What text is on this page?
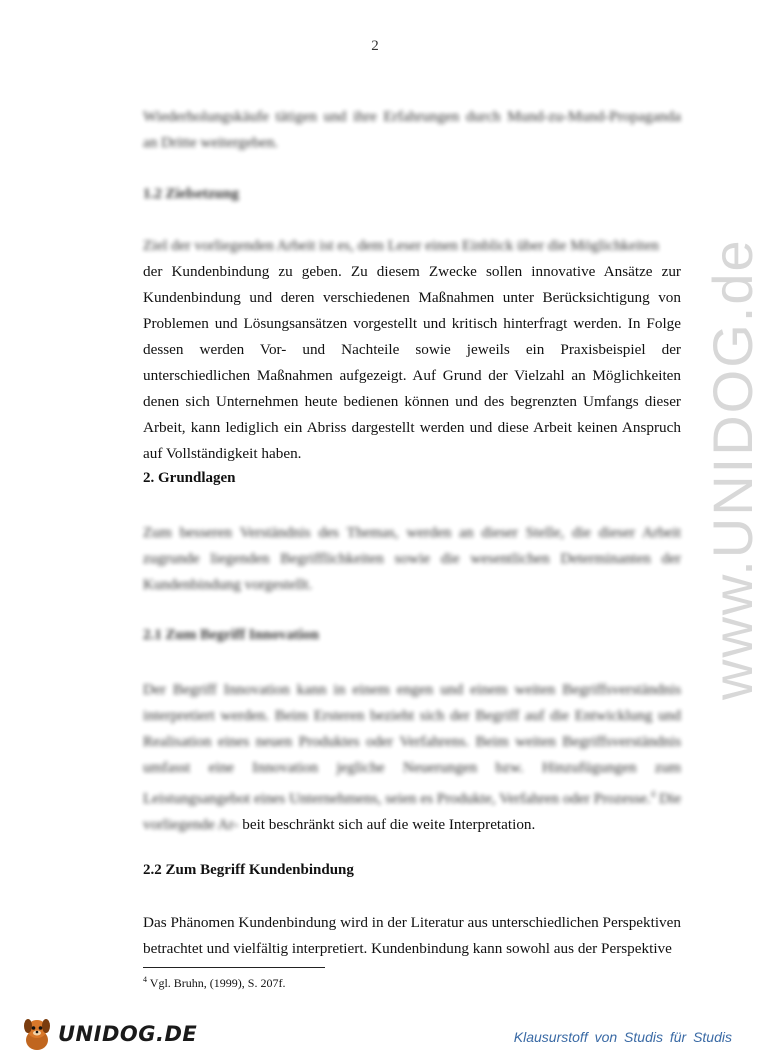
2
www.UNIDOG.de
Wiederholungskäufe tätigen und ihre Erfahrungen durch Mund-zu-Mund-Propaganda an Dritte weitergeben.
1.2 Zielsetzung
Ziel der vorliegenden Arbeit ist es, dem Leser einen Einblick über die Möglichkeiten der Kundenbindung zu geben. Zu diesem Zwecke sollen innovative Ansätze zur Kundenbindung und deren verschiedenen Maßnahmen unter Berücksichtigung von Problemen und Lösungsansätzen vorgestellt und kritisch hinterfragt werden. In Folge dessen werden Vor- und Nachteile sowie jeweils ein Praxisbeispiel der unterschiedlichen Maßnahmen aufgezeigt. Auf Grund der Vielzahl an Möglichkeiten denen sich Unternehmen heute bedienen können und des begrenzten Umfangs dieser Arbeit, kann lediglich ein Abriss dargestellt werden und diese Arbeit keinen Anspruch auf Vollständigkeit haben.
2. Grundlagen
Zum besseren Verständnis des Themas, werden an dieser Stelle, die dieser Arbeit zugrunde liegenden Begrifflichkeiten sowie die wesentlichen Determinanten der Kundenbindung vorgestellt.
2.1 Zum Begriff Innovation
Der Begriff Innovation kann in einem engen und einem weiten Begriffsverständnis interpretiert werden. Beim Ersteren bezieht sich der Begriff auf die Entwicklung und Realisation eines neuen Produktes oder Verfahrens. Beim weiten Begriffsverständnis umfasst eine Innovation jegliche Neuerungen bzw. Hinzufügungen zum Leistungsangebot eines Unternehmens, seien es Produkte, Verfahren oder Prozesse.$^4$ Die vorliegende Ar- beit beschränkt sich auf die weite Interpretation.
2.2 Zum Begriff Kundenbindung
Das Phänomen Kundenbindung wird in der Literatur aus unterschiedlichen Perspektiven betrachtet und vielfältig interpretiert. Kundenbindung kann sowohl aus der Perspektive
$^4$ Vgl. Bruhn, (1999), S. 207f.
UNIDOG.DE	Klausurstoff von Studis für Studis
